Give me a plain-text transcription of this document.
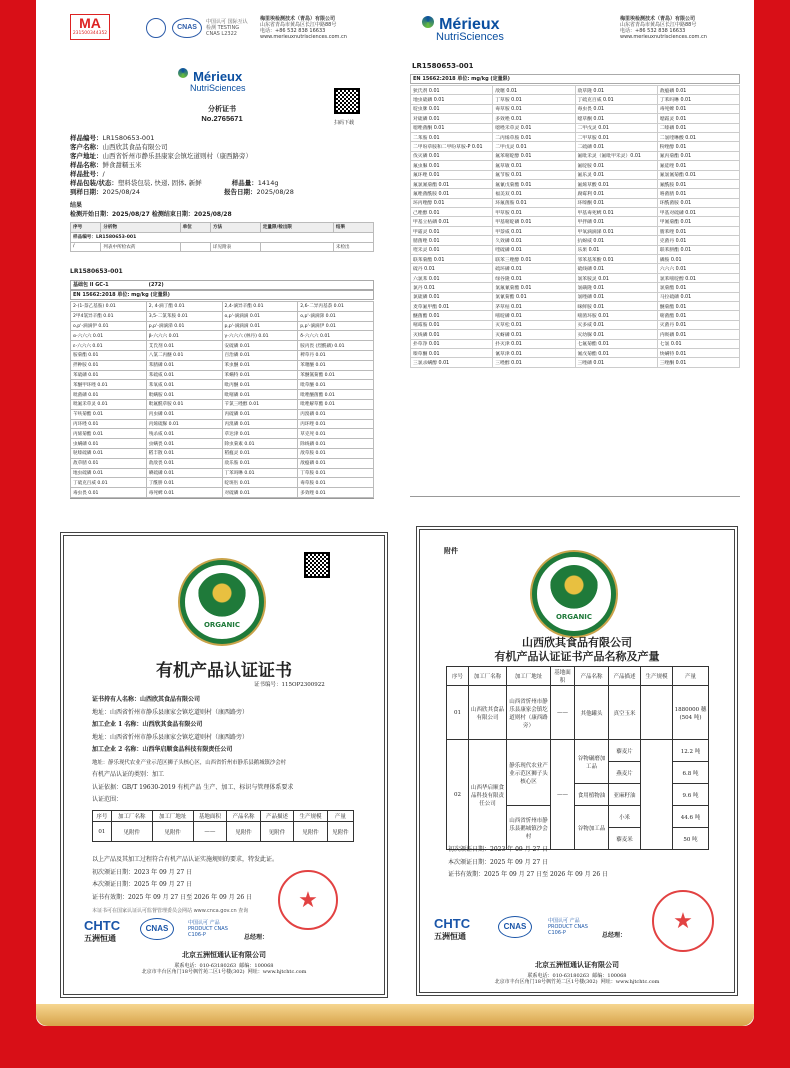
MA
231500344352
CNAS
中国认可 国际互认 检测 TESTING CNAS L2322
梅里埃检测技术（青岛）有限公司
山东省青岛市黄岛区长江中路88号
电话：+86 532 838 16633
www.merieuxnutrisciences.com.cn
Mérieux
NutriSciences
扫码下载
分析证书
No.2765671
样品编号：LR1580653-001
客户名称：山西欣其食品有限公司
客户地址：山西省忻州市静乐县康家会镇圪道则村（康西路旁）
样品名称：鲜食甜糯玉米
样品批号：/
样品包装/状态：塑料袋包装, 快递, 固体, 新鲜	样品量：1414g
到样日期：2025/08/24	报告日期：2025/08/28
结果
检测开始日期：2025/08/27 检测结束日期：2025/08/28
序号	分析物	单位	方法	定量限/检出限	结果
样品编号：LR1580653-001					
/	列表中所检农药		详见附表		未检出
LR1580653-001
基础包 II GC-1	(272)
EN 15662:2018 单位: mg/kg (定量限)
2-(1-萘乙基胺) 0.01	2, 4-滴丁酯 0.01	2,4-滴异辛酯 0.01	2,6-二异丙基萘 0.01
2甲4氯异辛酯 0.01	3,5-二氯苯胺 0.01	o,p'-滴滴滴 0.01	o,p'-滴滴涕 0.01
o,p'-滴滴伊 0.01	p,p'-滴滴涕 0.01	p,p'-滴滴滴 0.01	p,p'-滴滴伊 0.01
α-六六六 0.01	β-六六六 0.01	γ-六六六 (林丹) 0.01	δ-六六六 0.01
ε-六六六 0.01	艾氏剂 0.01	安硫磷 0.01	胺丙畏 (烈酰磷) 0.01
胺菊酯 0.01	八氯二丙醚 0.01	百治磷 0.01	稗草丹 0.01
拌种胺 0.01	苯腈磷 0.01	苯虫醚 0.01	苯噻醚 0.01
苯硫磷 0.01	苯硫威 0.01	苯螨特 0.01	苯醚氰菊酯 0.01
苯醚甲环唑 0.01	苯氧威 0.01	吡丙醚 0.01	吡草醚 0.01
吡菌磷 0.01	吡螨胺 0.01	吡嘧磷 0.01	吡唑醚菌酯 0.01
吡氟禾草灵 0.01	吡氟酰草胺 0.01	苄氯三唑醇 0.01	吡唑解草酯 0.01
苄呋菊酯 0.01	丙虫磷 0.01	丙硫磷 0.01	丙溴磷 0.01
丙环唑 0.01	丙烯硫脲 0.01	丙溴磷 0.01	丙环唑 0.01
丙烯菊酯 0.01	残杀威 0.01	草达津 0.01	草克死 0.01
虫螨磷 0.01	虫螨畏 0.01	除虫菊素 0.01	除线磷 0.01
哒嗪硫磷 0.01	稻丰散 0.01	稻瘟灵 0.01	敌草胺 0.01
敌草腈 0.01	敌敌畏 0.01	敌乐胺 0.01	敌瘟磷 0.01
地虫硫磷 0.01	碘硫磷 0.01	丁苯吗啉 0.01	丁草胺 0.01
丁硫克百威 0.01	丁酰肼 0.01	啶斑肟 0.01	毒草胺 0.01
毒虫畏 0.01	毒死蜱 0.01	对硫磷 0.01	多效唑 0.01
Mérieux
NutriSciences
梅里埃检测技术（青岛）有限公司
山东省青岛市黄岛区长江中路88号
电话：+86 532 838 16633
www.merieuxnutrisciences.com.cn
LR1580653-001
EN 15662:2018 单位: mg/kg (定量限)
狄氏剂 0.01	敌噻 0.01	敌草隆 0.01	敌瘟磷 0.01
地虫硫磷 0.01	丁草胺 0.01	丁硫克百威 0.01	丁苯吗啉 0.01
啶虫脒 0.01	毒草胺 0.01	毒虫畏 0.01	毒死蜱 0.01
对硫磷 0.01	多效唑 0.01	噁草酮 0.01	噁霜灵 0.01
噁唑菌酮 0.01	噁唑禾草灵 0.01	二甲戊灵 0.01	二嗪磷 0.01
二苯胺 0.01	二丙烯草胺 0.01	二甲草胺 0.01	二氯喹啉酸 0.01
二甲吩草胺和二甲吩草胺-P 0.01	二甲戊灵 0.01	二硫磷 0.01	粉唑醇 0.01
伐灭磷 0.01	氟苯嘧啶醇 0.01	氟吡禾灵（氟吡甲禾灵）0.01	氟丙菊酯 0.01
氟虫脲 0.01	氟草敏 0.01	氟啶胺 0.01	氟硅唑 0.01
氟环唑 0.01	氟节胺 0.01	氟乐灵 0.01	氟氯氰菊酯 0.01
氟氯氰菊酯 0.01	氟氰戊菊酯 0.01	氟烯草酸 0.01	氟酰胺 0.01
氟唑菌酰胺 0.01	福美双 0.01	腐霉利 0.01	咯菌腈 0.01
环丙唑醇 0.01	环氟菌胺 0.01	环嗪酮 0.01	环酰菌胺 0.01
己唑醇 0.01	甲草胺 0.01	甲基毒死蜱 0.01	甲基对硫磷 0.01
甲基立枯磷 0.01	甲基嘧啶磷 0.01	甲拌磷 0.01	甲氰菊酯 0.01
甲霜灵 0.01	甲萘威 0.01	甲氧滴滴涕 0.01	腈苯唑 0.01
腈菌唑 0.01	久效磷 0.01	抗蚜威 0.01	克菌丹 0.01
喹禾灵 0.01	喹硫磷 0.01	乐果 0.01	联苯肼酯 0.01
联苯菊酯 0.01	联苯三唑醇 0.01	邻苯基苯酚 0.01	磷胺 0.01
硫丹 0.01	硫环磷 0.01	硫线磷 0.01	六六六 0.01
六氯苯 0.01	绿谷隆 0.01	氯苯胺灵 0.01	氯苯嘧啶醇 0.01
氯丹 0.01	氯氟氰菊酯 0.01	氯磺隆 0.01	氯菊酯 0.01
氯硫磷 0.01	氯氰菊酯 0.01	氯唑磷 0.01	马拉硫磷 0.01
麦草氟甲酯 0.01	茅草枯 0.01	咪鲜胺 0.01	醚菊酯 0.01
醚菌酯 0.01	嘧啶磷 0.01	嘧菌环胺 0.01	嘧菌酯 0.01
嘧霉胺 0.01	灭草松 0.01	灭多威 0.01	灭菌丹 0.01
灭线磷 0.01	灭蚜磷 0.01	灭幼脲 0.01	内吸磷 0.01
扑草净 0.01	扑灭津 0.01	七氟菊酯 0.01	七氯 0.01
嗪草酮 0.01	氰草津 0.01	氰戊菊酯 0.01	炔螨特 0.01
三氯杀螨醇 0.01	三唑醇 0.01	三唑磷 0.01	三唑酮 0.01
ORGANIC
有机产品认证证书
证书编号：115OP2300922
证书持有人名称：山西欣其食品有限公司
地址：山西省忻州市静乐县康家会镇圪道则村（康西路旁）
加工企业 1 名称：山西欣其食品有限公司
地址：山西省忻州市静乐县康家会镇圪道则村（康西路旁）
加工企业 2 名称：山西华启顺食品科技有限责任公司
地址：静乐现代农业产业示范区狮子头核心区，山西省忻州市静乐县鹅城镇沙会村
有机产品认证的类别：加工
认证依据：GB/T 19630-2019 有机产品 生产、加工、标识与管理体系要求
认证范围：
序号	加工厂名称	加工厂地址	基地面积	产品名称	产品描述	生产规模	产量
01	见附件	见附件	——	见附件	见附件	见附件	见附件
以上产品及其加工过程符合有机产品认证实施规则的要求，特发此证。
初次颁证日期：2023 年 09 月 27 日
本次颁证日期：2025 年 09 月 27 日
证书有效期：2025 年 09 月 27 日至 2026 年 09 月 26 日
本证书可在国家认证认可监督管理委员会网站 www.cnca.gov.cn 查询
CHTC
五洲恒通
CNAS
中国认可 产品 PRODUCT CNAS C106-P	总经理：
★
北京五洲恒通认证有限公司
联系电话：010-63180263 邮编：100068
北京市丰台区角门18号枫竹苑二区1号楼(302) 网址：www.hjtchtc.com
附件
ORGANIC
山西欣其食品有限公司
有机产品认证证书产品名称及产量
序号	加工厂名称	加工厂地址	基地面积	产品名称	产品描述	生产规模	产量
01	山西欣其食品有限公司	山西省忻州市静乐县康家会镇圪道则村（康西路旁）	——	其他罐头	真空玉米		1880000 穗 (504 吨)
02	山西华启顺食品科技有限责任公司	静乐现代农业产业示范区狮子头核心区	——	谷物碾磨加工品	藜麦片		12.2 吨
					燕麦片		6.8 吨
				食用植物油	亚麻籽油		9.6 吨
		山西省忻州市静乐县鹅城镇沙会村		谷物加工品	小米		44.6 吨
					藜麦米		50 吨
初次颁证日期：2023 年 09 月 27 日
本次颁证日期：2025 年 09 月 27 日
证书有效期：2025 年 09 月 27 日至 2026 年 09 月 26 日
CHTC
五洲恒通
CNAS
中国认可 产品 PRODUCT CNAS C106-P	总经理：
★
北京五洲恒通认证有限公司
联系电话：010-63180263 邮编：100068
北京市丰台区角门18号枫竹苑二区1号楼(302) 网址：www.hjtchtc.com
